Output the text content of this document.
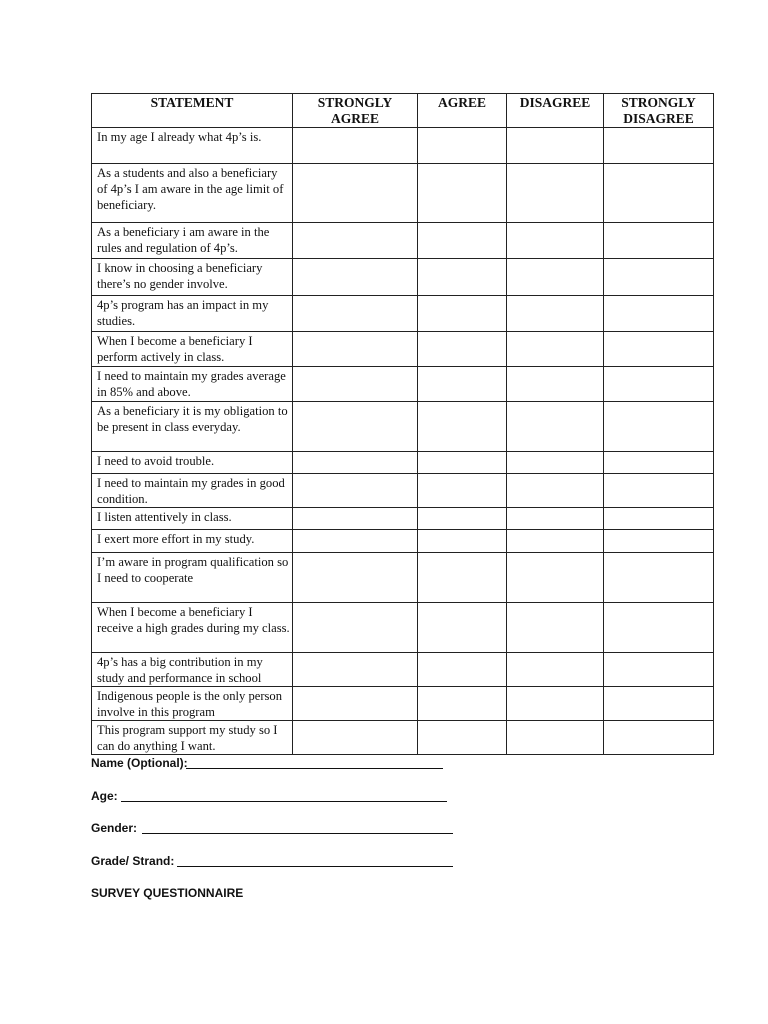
STATEMENT	STRONGLY AGREE	AGREE	DISAGREE	STRONGLY DISAGREE
In my age I already what 4p’s is.				
As a students and also a beneficiary of 4p’s I am aware in the age limit of beneficiary.				
As a beneficiary i am aware in the rules and regulation of 4p’s.				
I know in choosing a beneficiary there’s no gender involve.				
4p’s program has an impact in my studies.				
When I become a beneficiary I perform actively in class.				
I need to maintain my grades average in 85% and above.				
As a beneficiary it is my obligation to be present in class everyday.				
I need to avoid trouble.				
I need to maintain my grades in good condition.				
I listen attentively in class.				
I exert more effort in my study.				
I’m aware in program qualification so I need to cooperate				
When I become a beneficiary I receive a high grades during my class.				
4p’s has a big contribution in my study and performance in school				
Indigenous people is the only person involve in this program				
This program support my study so I can do anything I want.				
Name (Optional):
Age:
Gender:
Grade/ Strand:
SURVEY QUESTIONNAIRE
